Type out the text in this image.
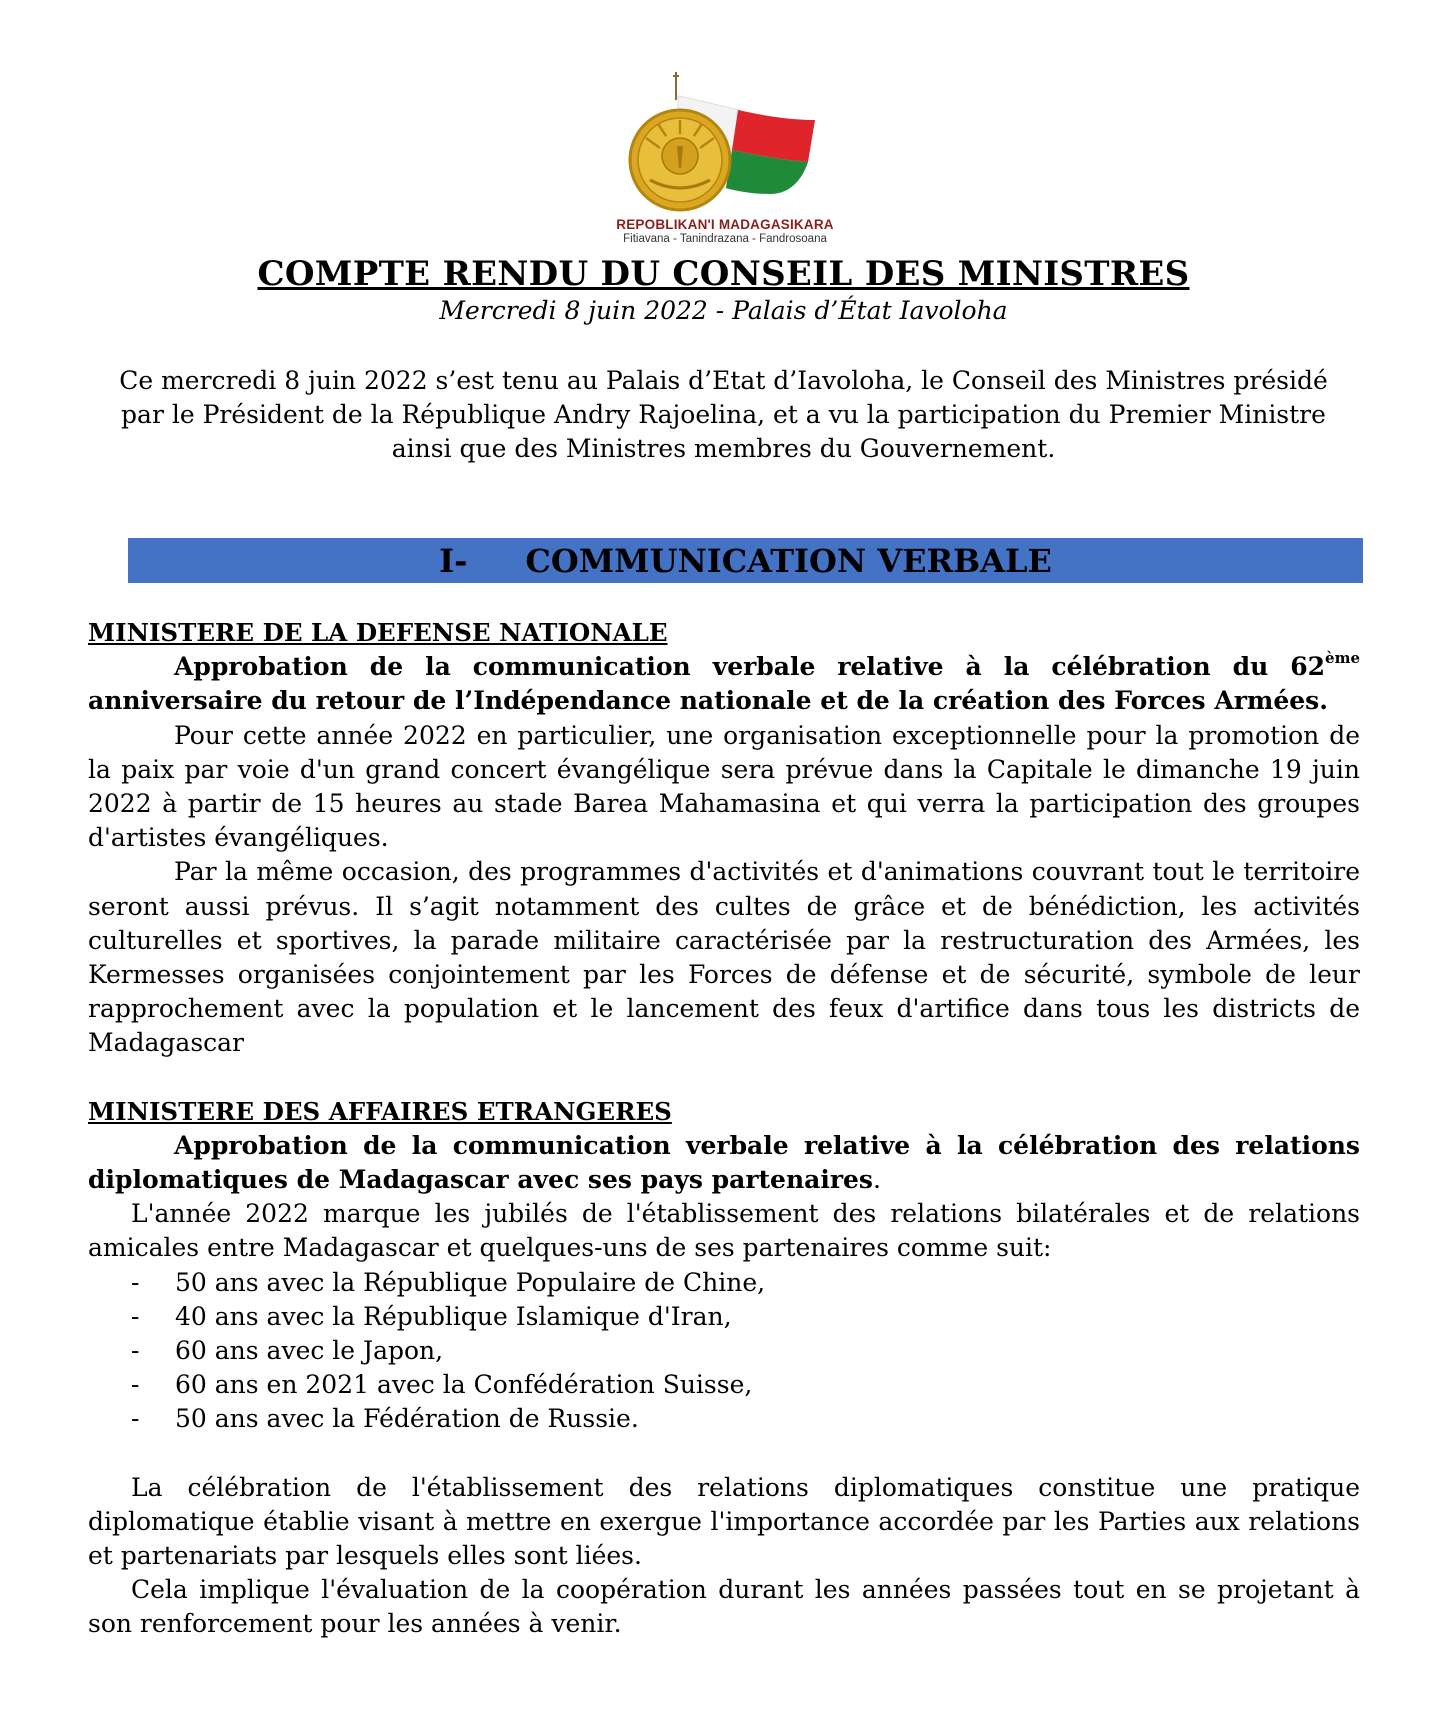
REPOBLIKAN'I MADAGASIKARA
Fitiavana - Tanindrazana - Fandrosoana
COMPTE RENDU DU CONSEIL DES MINISTRES
Mercredi 8 juin 2022 - Palais d’État Iavoloha
Ce mercredi 8 juin 2022 s’est tenu au Palais d’Etat d’Iavoloha, le Conseil des Ministres présidé par le Président de la République Andry Rajoelina, et a vu la participation du Premier Ministre ainsi que des Ministres membres du Gouvernement.
I- COMMUNICATION VERBALE

MINISTERE DE LA DEFENSE NATIONALE

Approbation de la communication verbale relative à la célébration du 62ème anniversaire du retour de l’Indépendance nationale et de la création des Forces Armées.

Pour cette année 2022 en particulier, une organisation exceptionnelle pour la promotion de la paix par voie d'un grand concert évangélique sera prévue dans la Capitale le dimanche 19 juin 2022 à partir de 15 heures au stade Barea Mahamasina et qui verra la participation des groupes d'artistes évangéliques.

Par la même occasion, des programmes d'activités et d'animations couvrant tout le territoire seront aussi prévus. Il s’agit notamment des cultes de grâce et de bénédiction, les activités culturelles et sportives, la parade militaire caractérisée par la restructuration des Armées, les Kermesses organisées conjointement par les Forces de défense et de sécurité, symbole de leur rapprochement avec la population et le lancement des feux d'artifice dans tous les districts de Madagascar

MINISTERE DES AFFAIRES ETRANGERES

Approbation de la communication verbale relative à la célébration des relations diplomatiques de Madagascar avec ses pays partenaires.

L'année 2022 marque les jubilés de l'établissement des relations bilatérales et de relations amicales entre Madagascar et quelques-uns de ses partenaires comme suit:

- 50 ans avec la République Populaire de Chine,
- 40 ans avec la République Islamique d'Iran,
- 60 ans avec le Japon,
- 60 ans en 2021 avec la Confédération Suisse,
- 50 ans avec la Fédération de Russie.

La célébration de l'établissement des relations diplomatiques constitue une pratique diplomatique établie visant à mettre en exergue l'importance accordée par les Parties aux relations et partenariats par lesquels elles sont liées.

Cela implique l'évaluation de la coopération durant les années passées tout en se projetant à son renforcement pour les années à venir.
